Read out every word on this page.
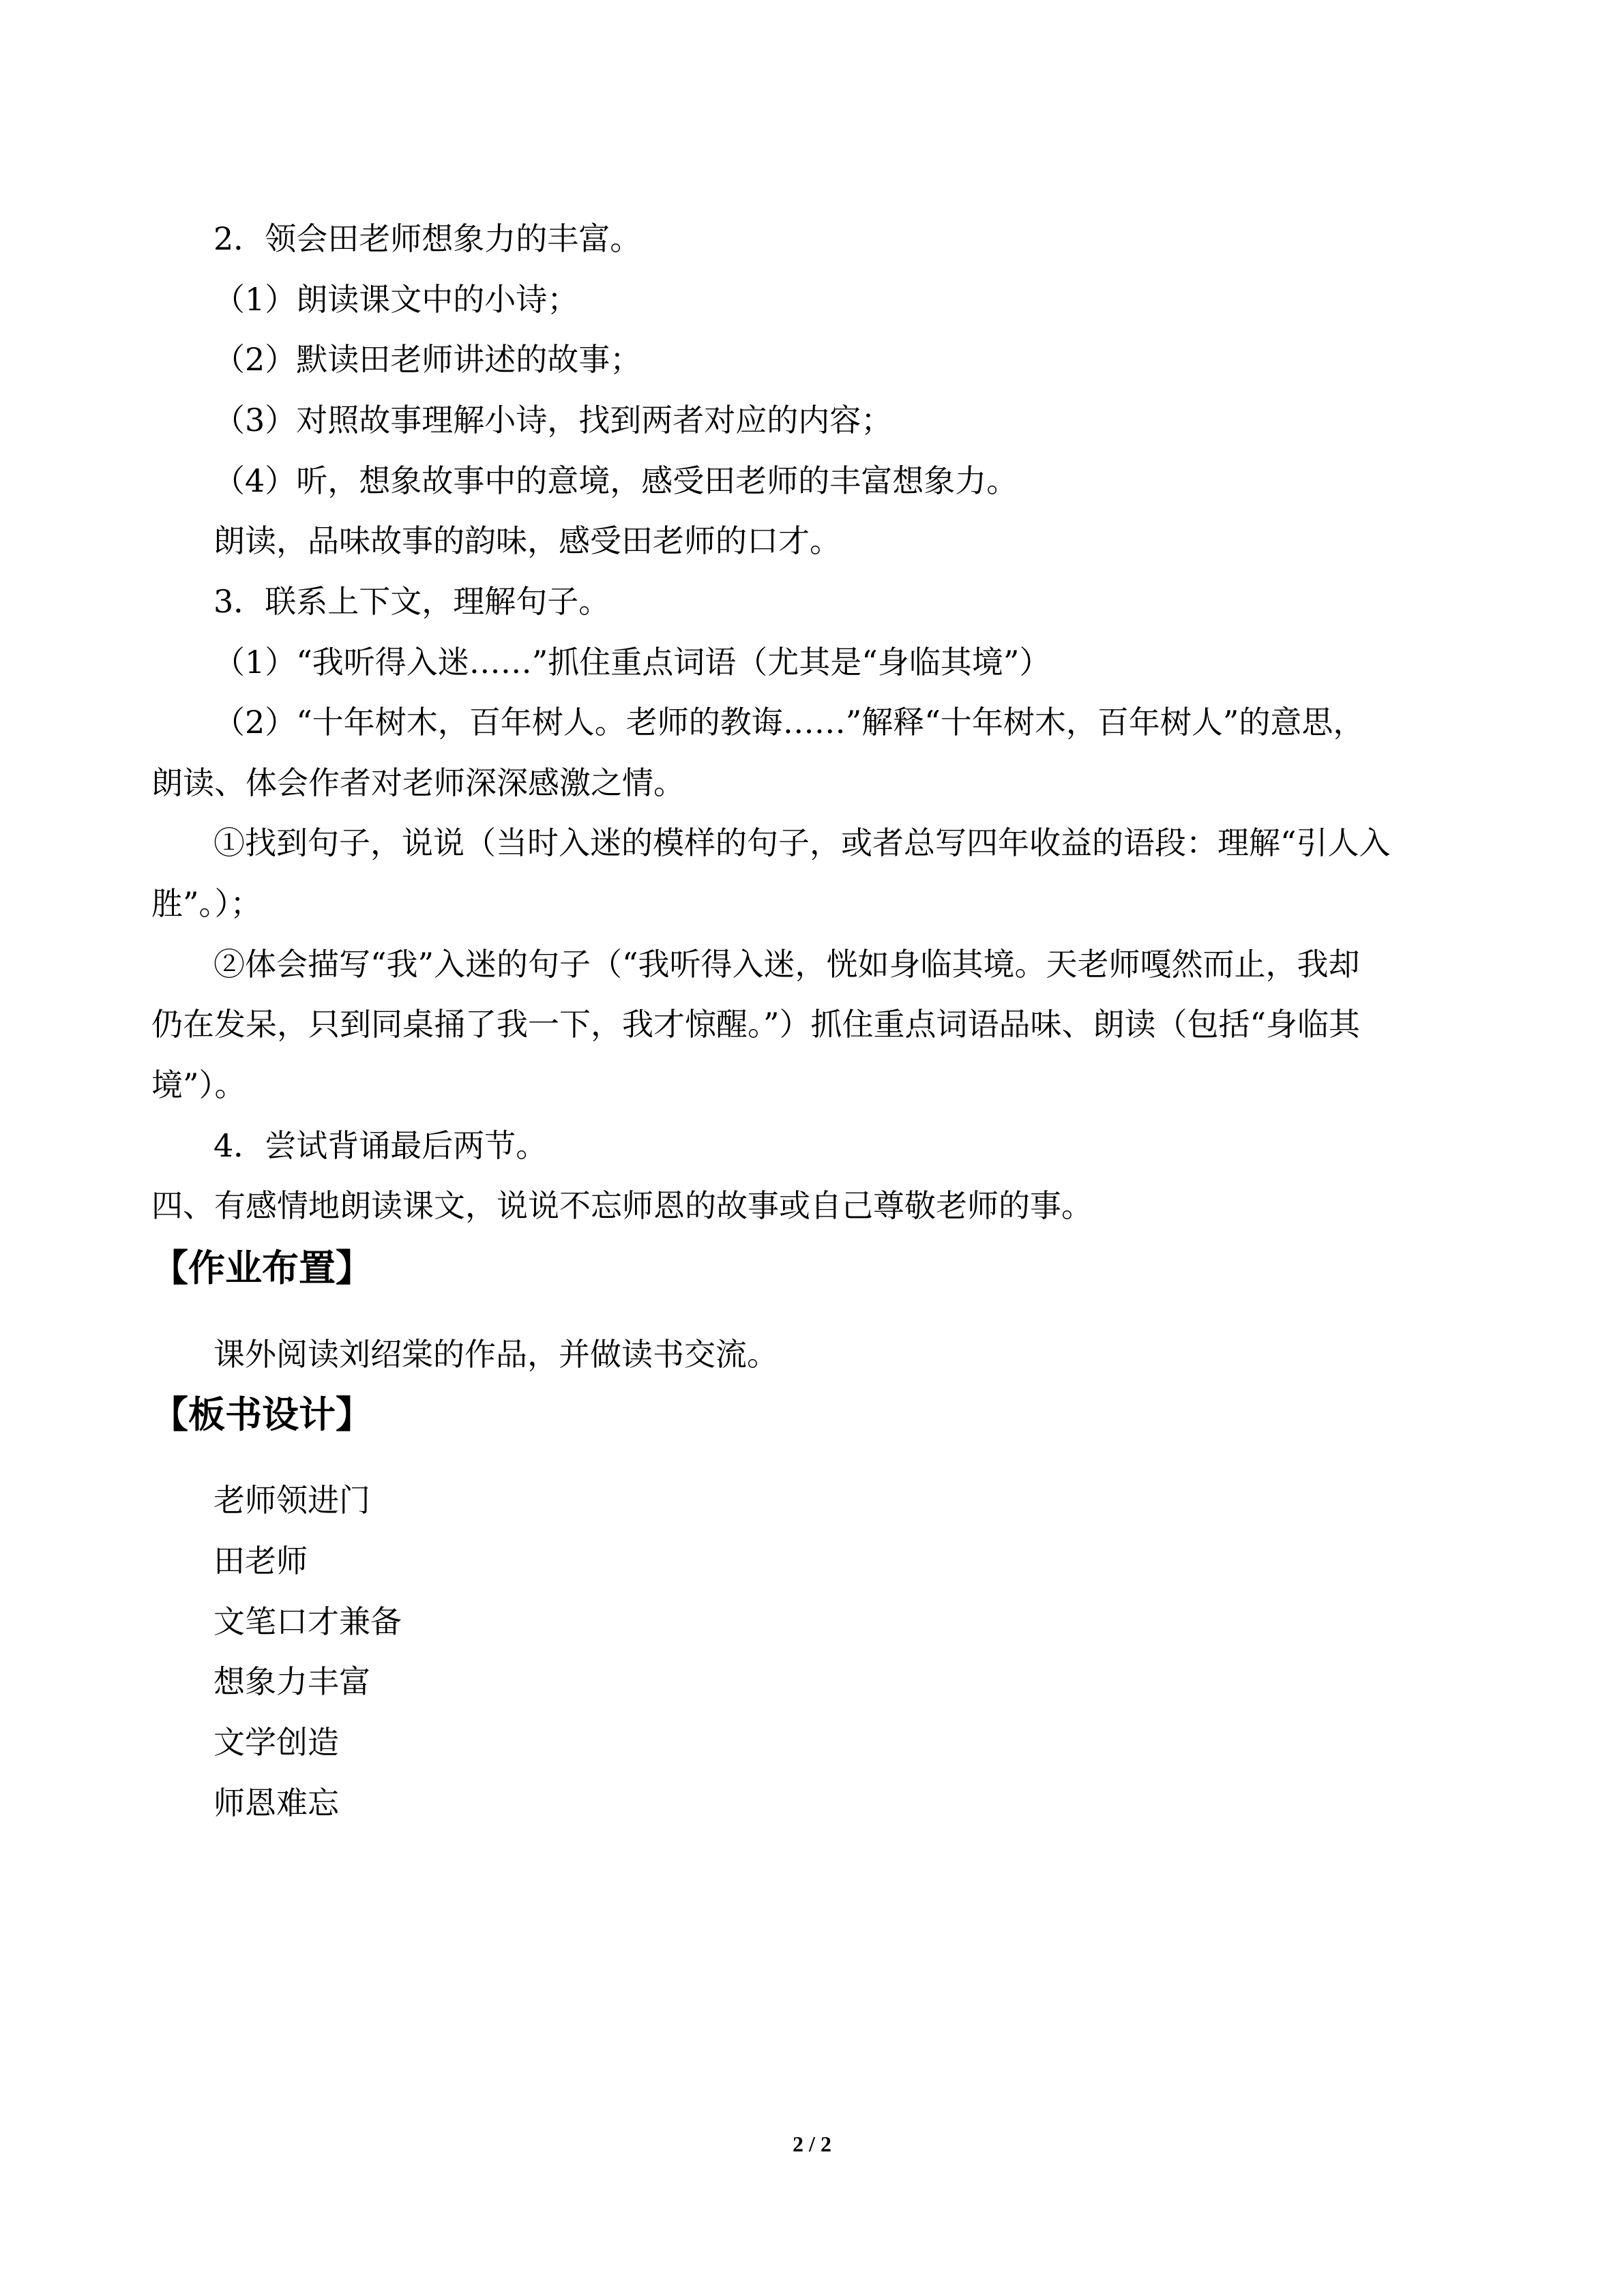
2．领会田老师想象力的丰富。
（1）朗读课文中的小诗；
（2）默读田老师讲述的故事；
（3）对照故事理解小诗，找到两者对应的内容；
（4）听，想象故事中的意境，感受田老师的丰富想象力。
朗读，品味故事的韵味，感受田老师的口才。
3．联系上下文，理解句子。
（1）“我听得入迷……”抓住重点词语（尤其是“身临其境”）
（2）“十年树木，百年树人。老师的教诲……”解释“十年树木，百年树人”的意思，
朗读、体会作者对老师深深感激之情。
①找到句子，说说（当时入迷的模样的句子，或者总写四年收益的语段：理解“引人入
胜”。）；
②体会描写“我”入迷的句子（“我听得入迷，恍如身临其境。天老师嘎然而止，我却
仍在发呆，只到同桌捅了我一下，我才惊醒。”）抓住重点词语品味、朗读（包括“身临其
境”）。
4．尝试背诵最后两节。
四、有感情地朗读课文，说说不忘师恩的故事或自己尊敬老师的事。
【作业布置】
课外阅读刘绍棠的作品，并做读书交流。
【板书设计】
老师领进门
田老师
文笔口才兼备
想象力丰富
文学创造
师恩难忘
2 / 2
